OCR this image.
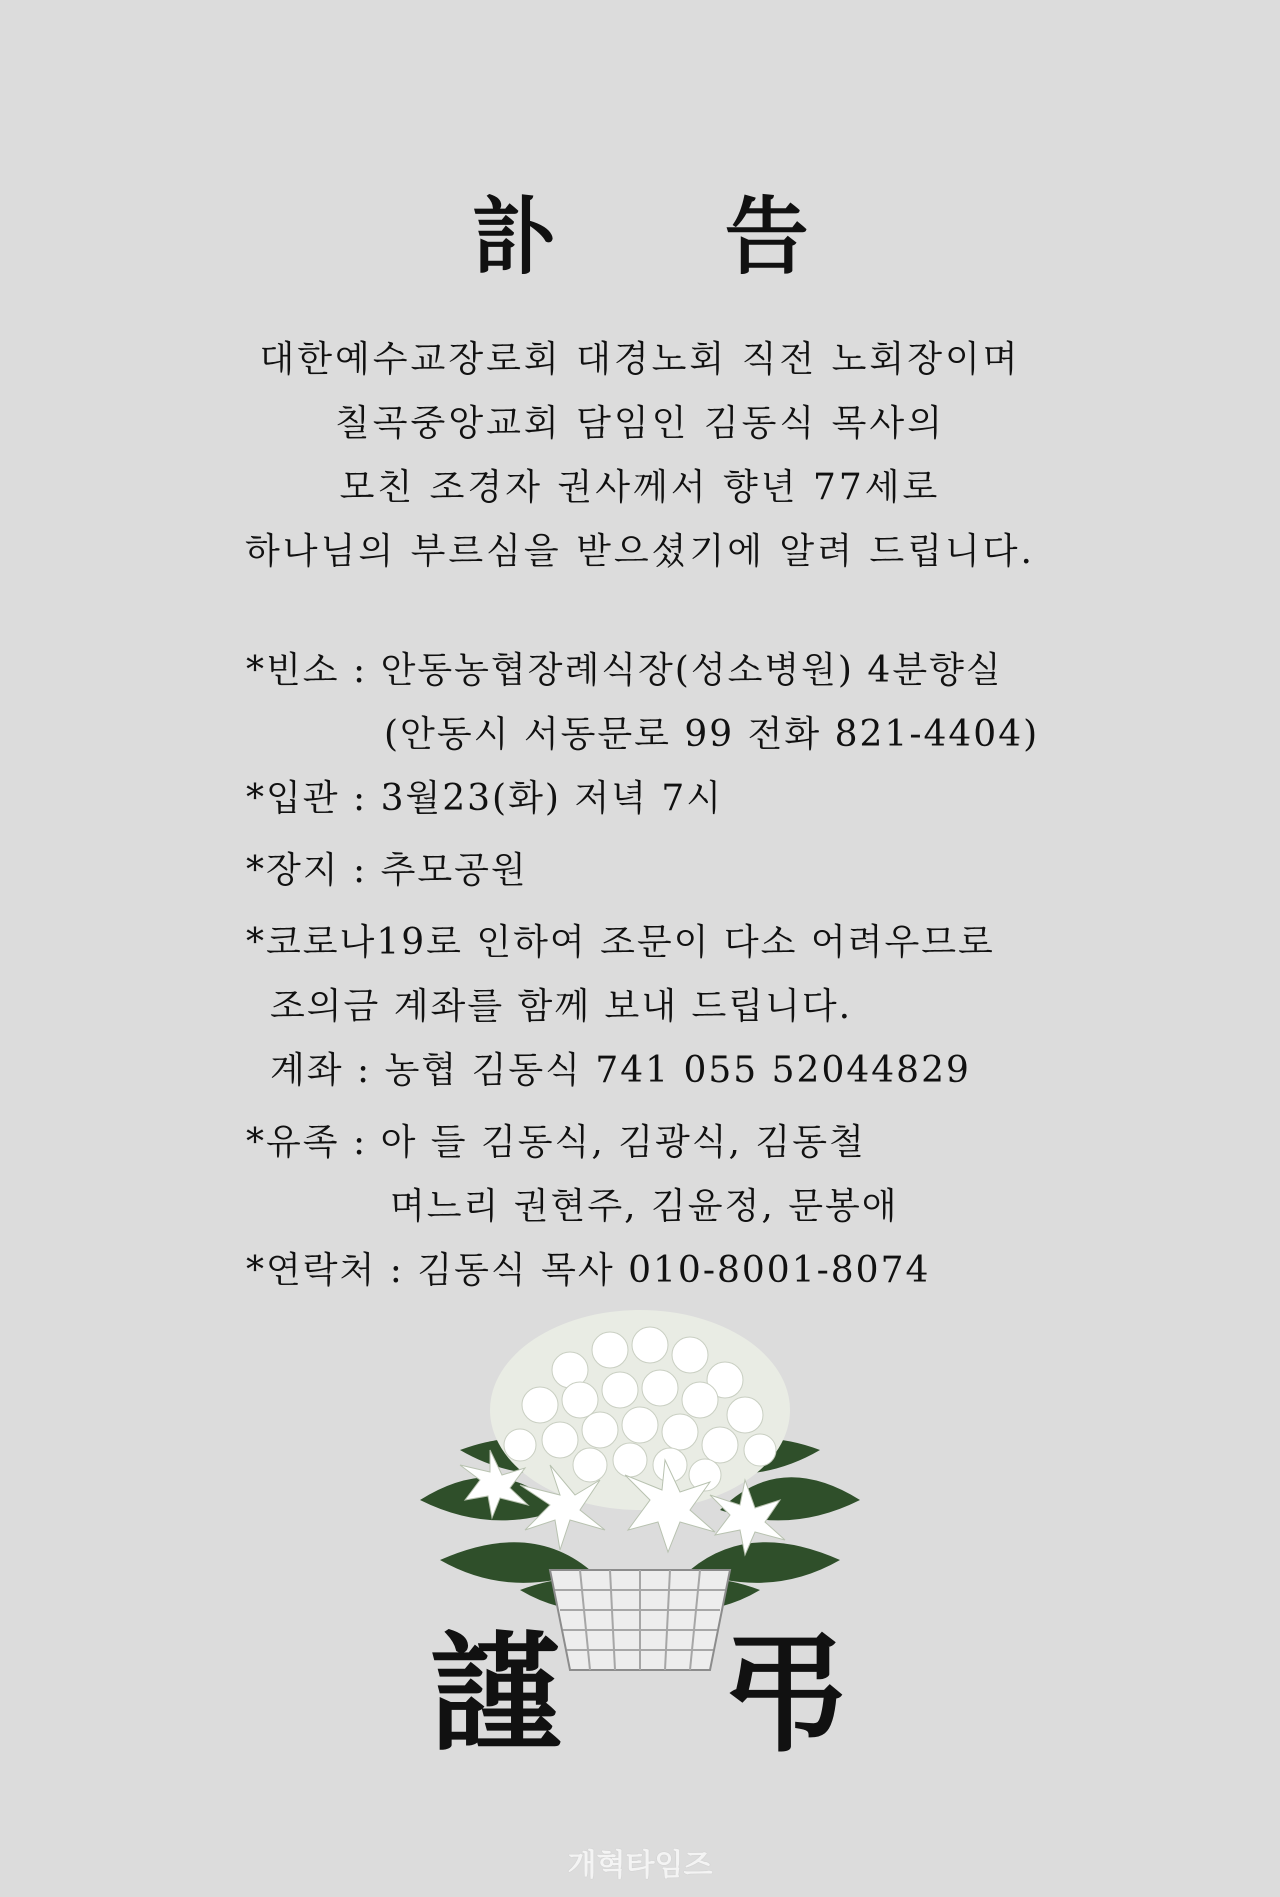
訃 告
대한예수교장로회 대경노회 직전 노회장이며
칠곡중앙교회 담임인 김동식 목사의
모친 조경자 권사께서 향년 77세로
하나님의 부르심을 받으셨기에 알려 드립니다.
*빈소 : 안동농협장례식장(성소병원) 4분향실
(안동시 서동문로 99 전화 821-4404)
*입관 : 3월23(화) 저녁 7시
*장지 : 추모공원
*코로나19로 인하여 조문이 다소 어려우므로
조의금 계좌를 함께 보내 드립니다.
계좌 : 농협 김동식 741 055 52044829
*유족 : 아 들 김동식, 김광식, 김동철
며느리 권현주, 김윤정, 문봉애
*연락처 : 김동식 목사 010-8001-8074
謹 弔
개혁타임즈
